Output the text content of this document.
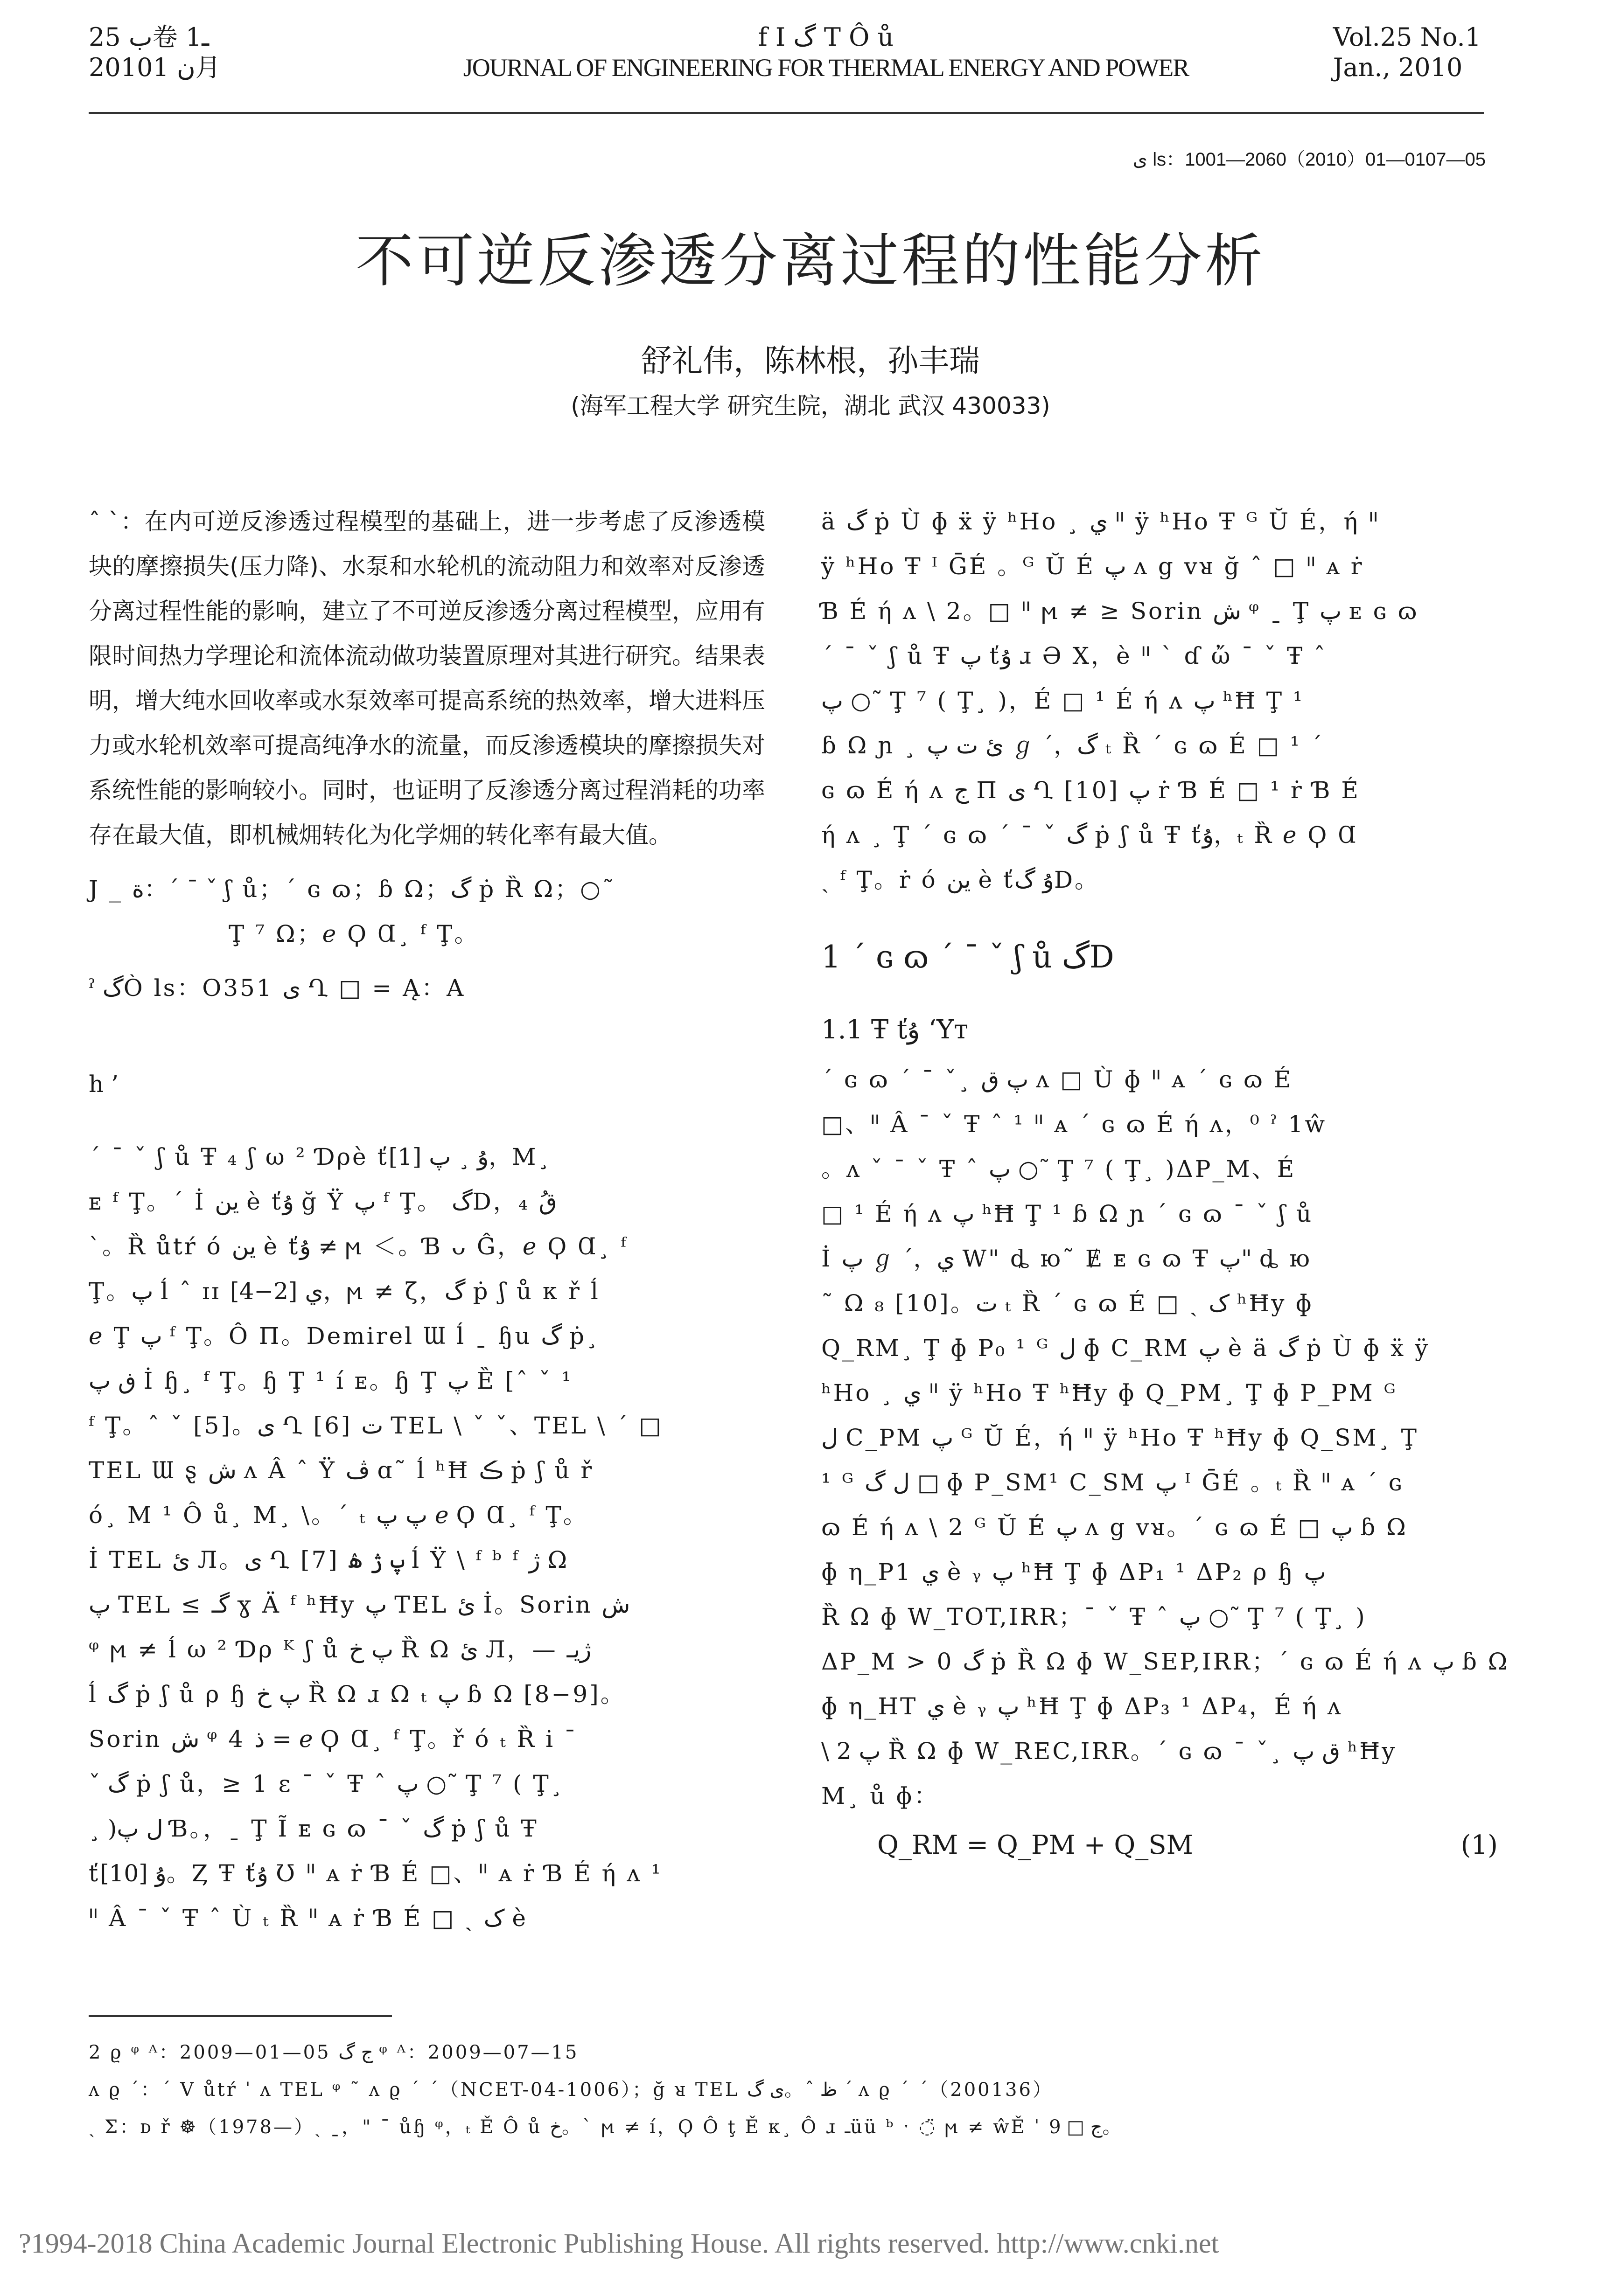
ب 25卷 1ـ
2010ن 1月
f I گ T Ô ů
JOURNAL OF ENGINEERING FOR THERMAL ENERGY AND POWER
Vol.25 No.1
Jan., 2010
ى ls：1001—2060（2010）01—0107—05
不可逆反渗透分离过程的性能分析
舒礼伟，陈林根，孙丰瑞
(海军工程大学 研究生院，湖北 武汉 430033)
ˆ ˋ：在内可逆反渗透过程模型的基础上，进一步考虑了反渗透模块的摩擦损失(压力降)、水泵和水轮机的流动阻力和效率对反渗透分离过程性能的影响，建立了不可逆反渗透分离过程模型，应用有限时间热力学理论和流体流动做功装置原理对其进行研究。结果表明，增大纯水回收率或水泵效率可提高系统的热效率，增大进料压力或水轮机效率可提高纯净水的流量，而反渗透模块的摩擦损失对系统性能的影响较小。同时，也证明了反渗透分离过程消耗的功率存在最大值，即机械㶲转化为化学㶲的转化率有最大值。
J _ ة：ˊ ˉ ˇ ʃ ů；ˊ ɢ ɷ；ɓ Ω；گ ṗ Ȑ Ω；○˜
Ţ ⁷ Ω；ℯ Ϙ Ɑ¸ ᶠ Ţ。
ˀ گÒ ls：O351 ى Ղ □ = Ą：A
h ’
ˊ ˉ ˇ ʃ ů Ŧ ₄ ʃ ω ² Ɗρè ťۇ ¸ پ [1]，M¸
ᴇ ᶠ Ţ。ˊ İ ین è ťۇ ğ Ÿ پ ᶠ Ţ。 گD，₄ قُ
ˋ。Ȑ ůtŕ ó ین è ťۇ ≠ ϻ ＜。Ɓ ᴗ Ĝ，ℯ Ϙ Ɑ¸ ᶠ
Ţ。پ ĺ ˆ ɪɪ ي [2−4]，ϻ ≠ ζ，گ ṗ ʃ ů ᴋ ř ĺ
ℯ Ţ پ ᶠ Ţ。Ô Π。Demirel Ɯ ĺ ˍ ɧu گ ṗ¸
ڧ پ İ ɧ¸ ᶠ Ţ。ɧ Ţ ¹ í ᴇ。ɧ Ţ پ Ȅ [ˆ ˇ ¹
ᶠ Ţ。ˆ ˇ [5]。ى Ղ [6] ت TEL \ ˇ ˇ、TEL \ ˊ □
TEL Ɯ ȿ ش ʌ Â ˆ Ÿ ڤ ɑ˜ ĺ ʰĦ ڪ ṗ ʃ ů ř
ó¸ M ¹ Ô ů¸ M¸ \。ˊ ₜ پ پ ℯ Ϙ Ɑ¸ ᶠ Ţ。
İ TEL ئ Л。ى Ղ [7] پ ژ ۿ ĺ Ÿ \ ᶠ ᵇ ᶠ ژ Ω
پ TEL ≤ گـ ɣ Ä ᶠ ʰĦy پ TEL ئ İ。Sorin ش
ᵠ ϻ ≠ ĺ ω ² Ɗρ ᴷ ʃ ů پ خ Ȑ Ω ئ Л，— ژيـ
ĺ گ ṗ ʃ ů ρ ɧ پ خ Ȑ Ω ɹ Ω ₜ پ ɓ Ω [8−9]。
Sorin ش ᵠ 4 ذ = ℯ Ϙ Ɑ¸ ᶠ Ţ。ř ó ₜ Ȑ i ˉ
ˇ گ ṗ ʃ ů，≥ 1 ε ˉ ˇ Ŧ ˆ پ ○˜ Ţ ⁷ ( Ţ¸
¸ )ل پ Ɓ。，ˍ Ţ Ĩ ᴇ ɢ ɷ ˉ ˇ گ ṗ ʃ ů Ŧ
ťۇ [10]。Ȥ Ŧ ťۇ Ʊ ᐦ ᴀ ṙ Ɓ É □、ᐦ ᴀ ṙ Ɓ É ή ʌ ¹
ᐦ Â ˉ ˇ Ŧ ˆ Ù ₜ Ȑ ᐦ ᴀ ṙ Ɓ É □ ˏ ک è
ä گ ṗ Ù ɸ ẍ ÿ ʰHo ¸ ي ᐦ ÿ ʰHo Ŧ ᴳ Ŭ É，ή ᐦ
ÿ ʰHo Ŧ ᴵ ḠÉ 。ᴳ Ŭ É پ ʌ g ᴠᴚ ğ ˆ □ ᐦ ᴀ ṙ
Ɓ É ή ʌ \ 2。□ ᐦ ϻ ≠ ≥ Sorin ش ᵠ ˍ Ţ پ ᴇ ɢ ɷ
ˊ ˉ ˇ ʃ ů Ŧ پ ťۇ ɹ Ə Ⅹ，è ᐦ ˋ ɗ ὤ ˉ ˇ Ŧ ˆ
پ ○˜ Ţ ⁷ ( Ţ¸ )，É □ ¹ É ή ʌ پ ʰĦ Ţ ¹
ɓ Ω ɲ ¸ ئ ت پ ℊ ˊ，گ ₜ Ȑ ˊ ɢ ɷ É □ ¹ ˊ
ɢ ɷ É ή ʌ ج П ى Ղ [10] پ ṙ Ɓ É □ ¹ ṙ Ɓ É
ή ʌ ¸ Ţ ˊ ɢ ɷ ˊ ˉ ˇ گ ṗ ʃ ů Ŧ ťۇ，ₜ Ȑ ℯ Ϙ Ɑ
ˏ ᶠ Ţ。ṙ ó ين è ťۇ گD。
1 ˊ ɢ ɷ ˊ ˉ ˇ ʃ ů گD
1.1 Ŧ ťۇ ʻYт
ˊ ɢ ɷ ˊ ˉ ˇ¸ پ ق ʌ □ Ù ɸ ᐦ ᴀ ˊ ɢ ɷ É
□、ᐦ Â ˉ ˇ Ŧ ˆ ¹ ᐦ ᴀ ˊ ɢ ɷ É ή ʌ，⁰ ˀ 1ŵ
。ʌ ˇ ˉ ˇ Ŧ ˆ پ ○˜ Ţ ⁷ ( Ţ¸ )ΔP_M、É
□ ¹ É ή ʌ پ ʰĦ Ţ ¹ ɓ Ω ɲ ˊ ɢ ɷ ˉ ˇ ʃ ů
İ پ ℊ ˊ，ي W" ȡ ю˜ Ɇ ᴇ ɢ ɷ Ŧ پ" ȡ ю
˜ Ω ₈ [10]。ت ₜ Ȑ ˊ ɢ ɷ É □ ˏ ک ʰĦy ɸ
Q_RM¸ Ţ ɸ P₀ ¹ ᴳ ل ɸ C_RM پ è ä گ ṗ Ù ɸ ẍ ÿ
ʰHo ¸ ي ᐦ ÿ ʰHo Ŧ ʰĦy ɸ Q_PM¸ Ţ ɸ P_PM ᴳ
ل C_PM پ ᴳ Ŭ É，ή ᐦ ÿ ʰHo Ŧ ʰĦy ɸ Q_SM¸ Ţ
¹ ᴳ ل گ □ ɸ P_SM¹ C_SM پ ᴵ ḠÉ 。ₜ Ȑ ᐦ ᴀ ˊ ɢ
ɷ É ή ʌ \ 2 ᴳ Ŭ É پ ʌ g ᴠᴚ。ˊ ɢ ɷ É □ پ ɓ Ω
ɸ η_P1 ي è ᵧ پ ʰĦ Ţ ɸ ΔP₁ ¹ ΔP₂ ρ ɧ پ
Ȑ Ω ɸ W_TOT,IRR；ˉ ˇ Ŧ ˆ پ ○˜ Ţ ⁷ ( Ţ¸ )
ΔP_M > 0 گ ṗ Ȑ Ω ɸ W_SEP,IRR；ˊ ɢ ɷ É ή ʌ پ ɓ Ω
ɸ η_HT ي è ᵧ پ ʰĦ Ţ ɸ ΔP₃ ¹ ΔP₄，É ή ʌ
\ 2 پ Ȑ Ω ɸ W_REC,IRR。ˊ ɢ ɷ ˉ ˇ¸ ق پ ʰĦy
M¸ ů ɸ：
Q_RM = Q_PM + Q_SM	(1)
2 ϱ ᵠ ᴬ：2009—01—05 ج گ ᵠ ᴬ：2009—07—15
ʌ ϱ ˊ：ˊ V ůtŕ ˈ ʌ TEL ᵠ ˜ ʌ ϱ ˊ ˊ（NCET-04-1006）；ğ ᴚ TEL ظ ˆ。ى گ ˊ ʌ ϱ ˊ ˊ（200136）
ˏ Σ：ᴅ ř ☸（1978—）ˎ ˍ，" ˉ ůɧ ᵠ，ₜ Ě Ô ů خ。ˋ ϻ ≠ í，Ϙ Ô ţ Ě ᴋ¸ Ô ɹ ـüü ᵇ ˑ ◌̈ ϻ ≠ ŵĚ ˈ ج □ 9。
?1994-2018 China Academic Journal Electronic Publishing House. All rights reserved. http://www.cnki.net
